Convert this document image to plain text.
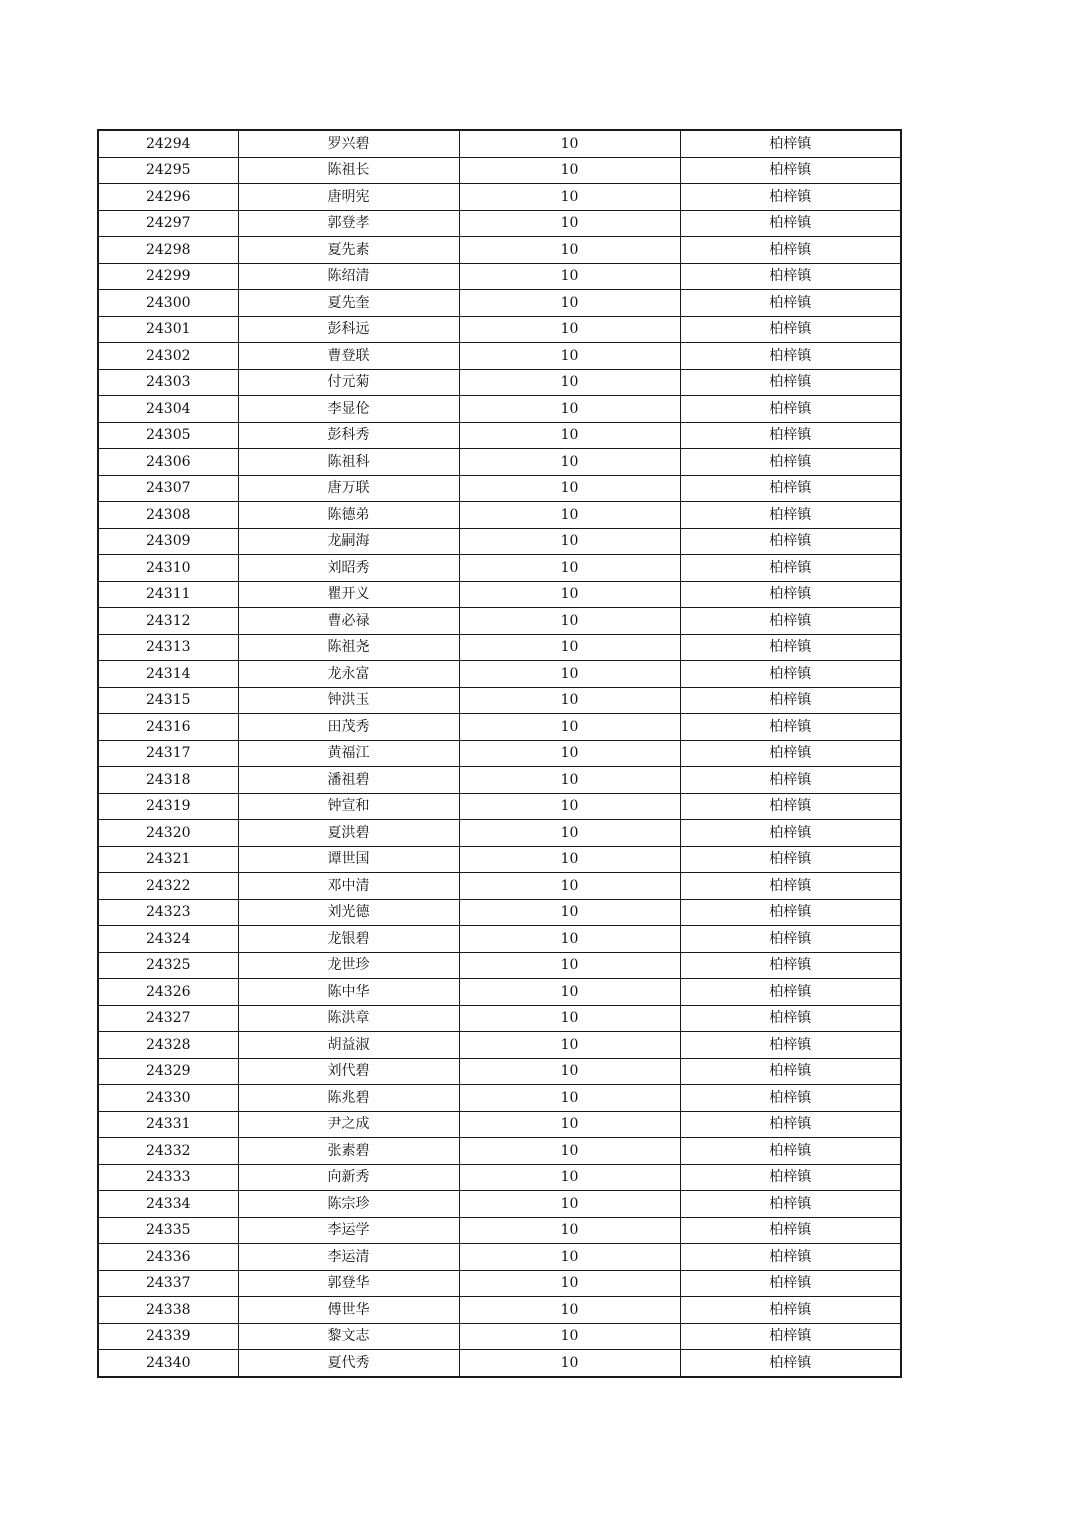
24294	罗兴碧	10	柏梓镇
24295	陈祖长	10	柏梓镇
24296	唐明宪	10	柏梓镇
24297	郭登孝	10	柏梓镇
24298	夏先素	10	柏梓镇
24299	陈绍清	10	柏梓镇
24300	夏先奎	10	柏梓镇
24301	彭科远	10	柏梓镇
24302	曹登联	10	柏梓镇
24303	付元菊	10	柏梓镇
24304	李显伦	10	柏梓镇
24305	彭科秀	10	柏梓镇
24306	陈祖科	10	柏梓镇
24307	唐万联	10	柏梓镇
24308	陈德弟	10	柏梓镇
24309	龙嗣海	10	柏梓镇
24310	刘昭秀	10	柏梓镇
24311	瞿开义	10	柏梓镇
24312	曹必禄	10	柏梓镇
24313	陈祖尧	10	柏梓镇
24314	龙永富	10	柏梓镇
24315	钟洪玉	10	柏梓镇
24316	田茂秀	10	柏梓镇
24317	黄福江	10	柏梓镇
24318	潘祖碧	10	柏梓镇
24319	钟宣和	10	柏梓镇
24320	夏洪碧	10	柏梓镇
24321	谭世国	10	柏梓镇
24322	邓中清	10	柏梓镇
24323	刘光德	10	柏梓镇
24324	龙银碧	10	柏梓镇
24325	龙世珍	10	柏梓镇
24326	陈中华	10	柏梓镇
24327	陈洪章	10	柏梓镇
24328	胡益淑	10	柏梓镇
24329	刘代碧	10	柏梓镇
24330	陈兆碧	10	柏梓镇
24331	尹之成	10	柏梓镇
24332	张素碧	10	柏梓镇
24333	向新秀	10	柏梓镇
24334	陈宗珍	10	柏梓镇
24335	李运学	10	柏梓镇
24336	李运清	10	柏梓镇
24337	郭登华	10	柏梓镇
24338	傅世华	10	柏梓镇
24339	黎文志	10	柏梓镇
24340	夏代秀	10	柏梓镇
